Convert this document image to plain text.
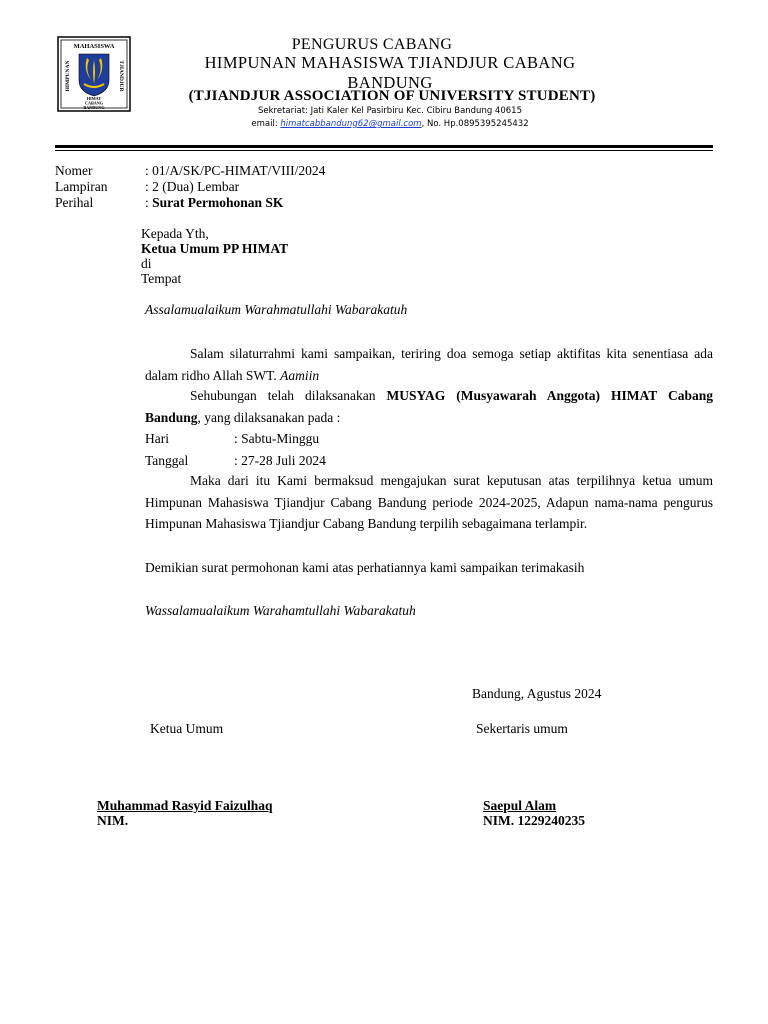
MAHASISWA
HIMPUNAN	TJIANDJUR
HIMAT
CABANG
BANDUNG
PENGURUS CABANG
HIMPUNAN MAHASISWA TJIANDJUR CABANG
BANDUNG
(TJIANDJUR ASSOCIATION OF UNIVERSITY STUDENT)
Sekretariat: Jati Kaler Kel Pasirbiru Kec. Cibiru Bandung 40615
email: himatcabbandung62@gmail.com, No. Hp.0895395245432
Nomer	: 01/A/SK/PC-HIMAT/VIII/2024
Lampiran	: 2 (Dua) Lembar
Perihal	: Surat Permohonan SK
Kepada Yth,
Ketua Umum PP HIMAT
di
Tempat
Assalamualaikum Warahmatullahi Wabarakatuh
Salam silaturrahmi kami sampaikan, teriring doa semoga setiap aktifitas kita senentiasa ada dalam ridho Allah SWT. Aamiin
Sehubungan telah dilaksanakan MUSYAG (Musyawarah Anggota) HIMAT Cabang Bandung, yang dilaksanakan pada :
Hari	: Sabtu-Minggu
Tanggal	: 27-28 Juli 2024
Maka dari itu Kami bermaksud mengajukan surat keputusan atas terpilihnya ketua umum Himpunan Mahasiswa Tjiandjur Cabang Bandung periode 2024-2025, Adapun nama-nama pengurus Himpunan Mahasiswa Tjiandjur Cabang Bandung terpilih sebagaimana terlampir.
Demikian surat permohonan kami atas perhatiannya kami sampaikan terimakasih
Wassalamualaikum Warahamtullahi Wabarakatuh
Bandung, Agustus 2024
Ketua Umum	Sekertaris umum
Muhammad Rasyid Faizulhaq
NIM.
Saepul Alam
NIM. 1229240235
